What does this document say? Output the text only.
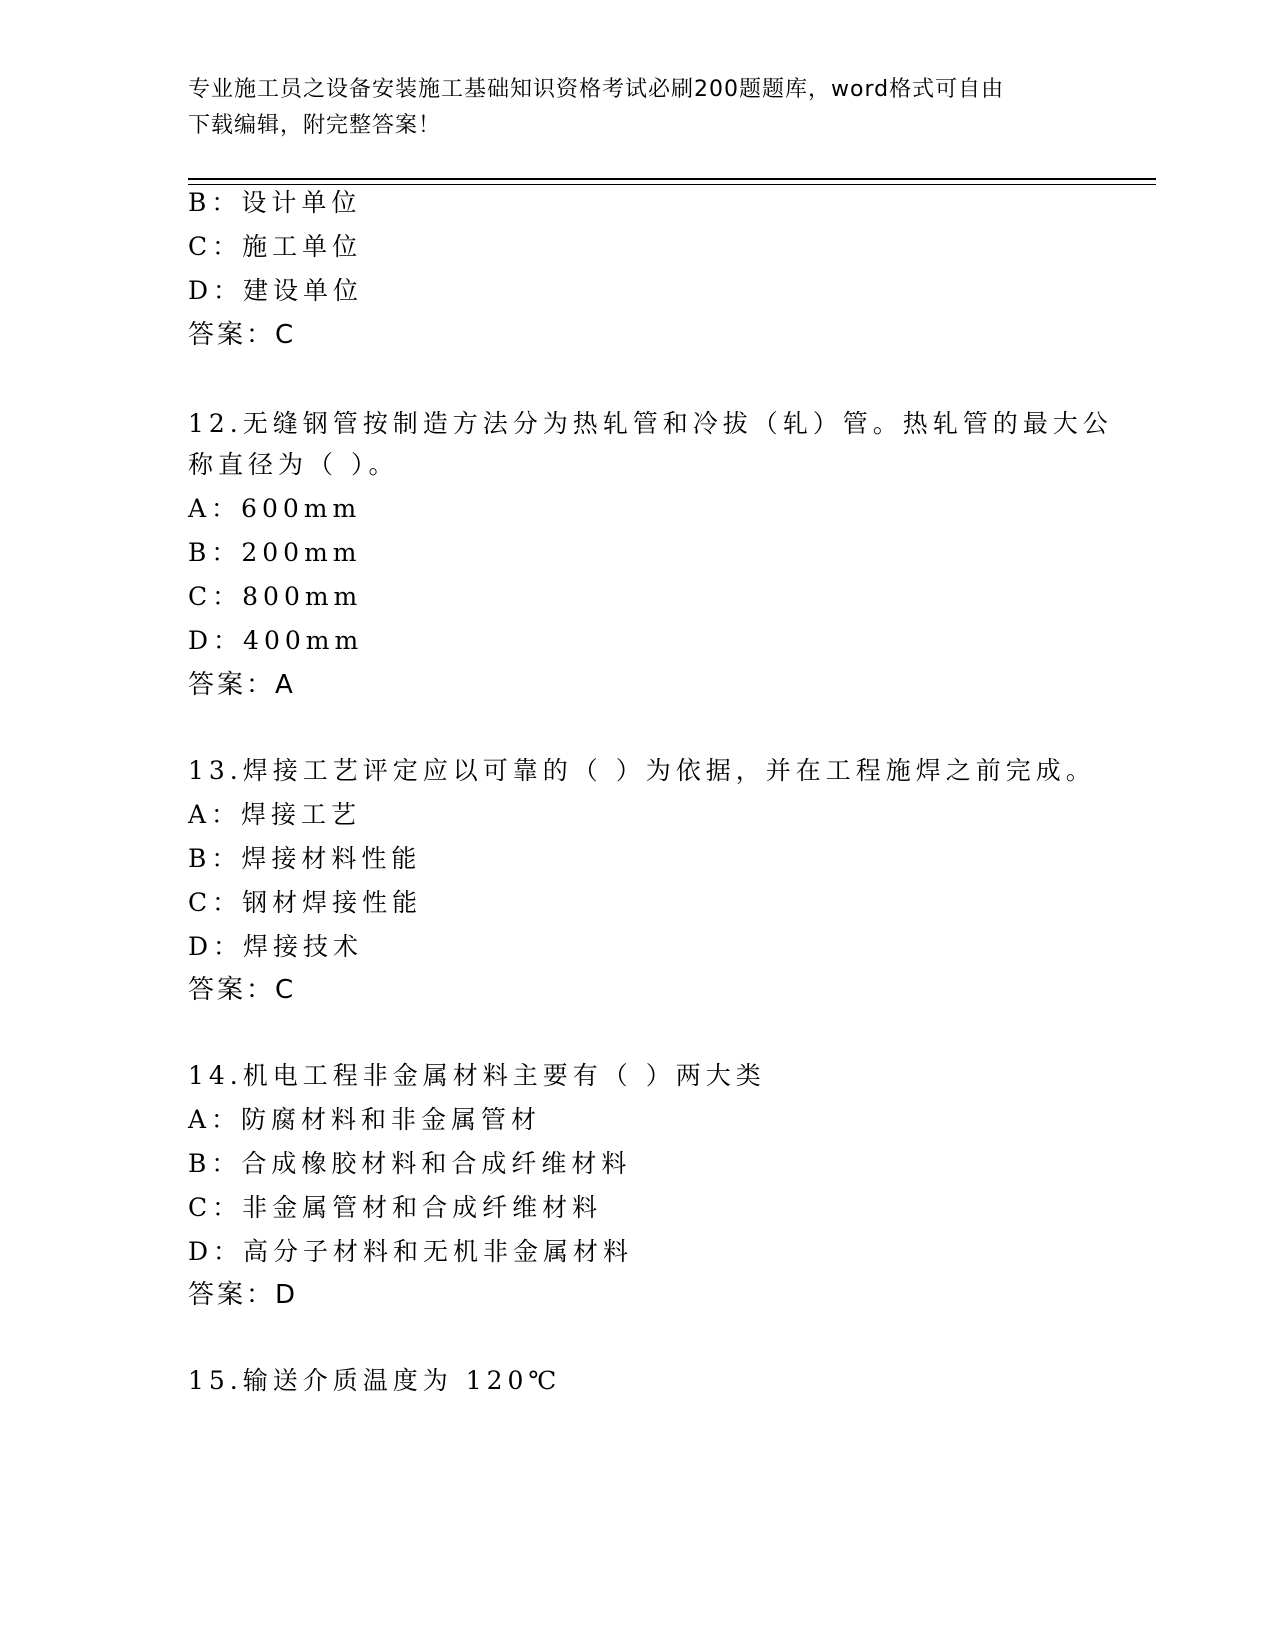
专业施工员之设备安装施工基础知识资格考试必刷200题题库，word格式可自由
下载编辑，附完整答案！
B：设计单位
C：施工单位
D：建设单位
答案：C
12.无缝钢管按制造方法分为热轧管和冷拔（轧）管。热轧管的最大公
称直径为（ ）。
A：600mm
B：200mm
C：800mm
D：400mm
答案：A
13.焊接工艺评定应以可靠的（ ）为依据，并在工程施焊之前完成。
A：焊接工艺
B：焊接材料性能
C：钢材焊接性能
D：焊接技术
答案：C
14.机电工程非金属材料主要有（ ）两大类
A：防腐材料和非金属管材
B：合成橡胶材料和合成纤维材料
C：非金属管材和合成纤维材料
D：高分子材料和无机非金属材料
答案：D
15.输送介质温度为 120℃
